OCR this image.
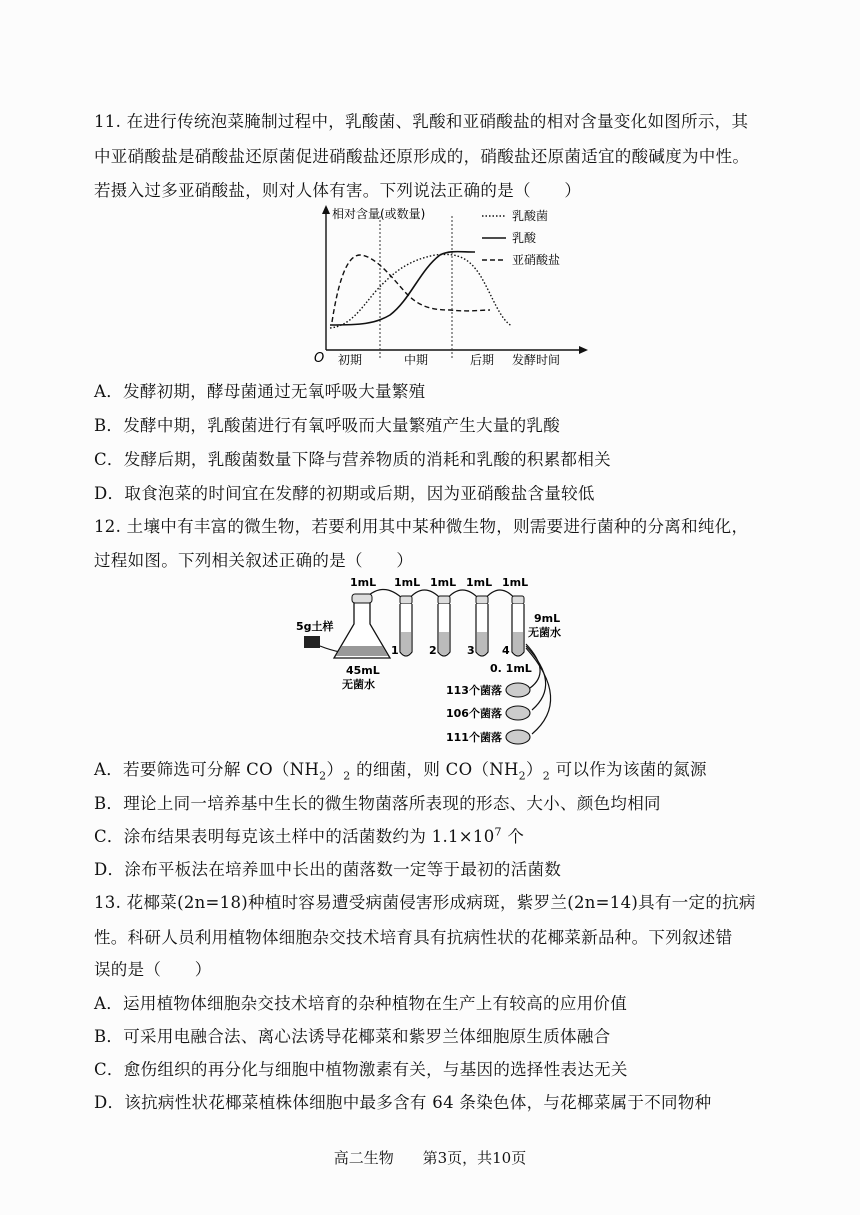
11. 在进行传统泡菜腌制过程中，乳酸菌、乳酸和亚硝酸盐的相对含量变化如图所示，其
中亚硝酸盐是硝酸盐还原菌促进硝酸盐还原形成的，硝酸盐还原菌适宜的酸碱度为中性。
若摄入过多亚硝酸盐，则对人体有害。下列说法正确的是（　　）
乳酸菌
乳酸
亚硝酸盐
相对含量(或数量)
O 初期	中期	后期 发酵时间
A．发酵初期，酵母菌通过无氧呼吸大量繁殖
B．发酵中期，乳酸菌进行有氧呼吸而大量繁殖产生大量的乳酸
C．发酵后期，乳酸菌数量下降与营养物质的消耗和乳酸的积累都相关
D．取食泡菜的时间宜在发酵的初期或后期，因为亚硝酸盐含量较低
12. 土壤中有丰富的微生物，若要利用其中某种微生物，则需要进行菌种的分离和纯化，
过程如图。下列相关叙述正确的是（　　）
1mL 1mL 1mL 1mL 1mL
5g土样
45mL
无菌水
1	2	3 4
9mL
无菌水
0. 1mL
113个菌落
106个菌落
111个菌落
A．若要筛选可分解 $CO(NH_2)_2$ 的细菌，则 $CO(NH_2)_2$ 可以作为该菌的氮源
B．理论上同一培养基中生长的微生物菌落所表现的形态、大小、颜色均相同
C．涂布结果表明每克该土样中的活菌数约为 $1.1\times 10^7$ 个
D．涂布平板法在培养皿中长出的菌落数一定等于最初的活菌数
13. 花椰菜(2n=18)种植时容易遭受病菌侵害形成病斑，紫罗兰(2n=14)具有一定的抗病
性。科研人员利用植物体细胞杂交技术培育具有抗病性状的花椰菜新品种。下列叙述错
误的是（　　）
A．运用植物体细胞杂交技术培育的杂种植物在生产上有较高的应用价值
B．可采用电融合法、离心法诱导花椰菜和紫罗兰体细胞原生质体融合
C．愈伤组织的再分化与细胞中植物激素有关，与基因的选择性表达无关
D．该抗病性状花椰菜植株体细胞中最多含有 64 条染色体，与花椰菜属于不同物种
高二生物 第3页，共10页
